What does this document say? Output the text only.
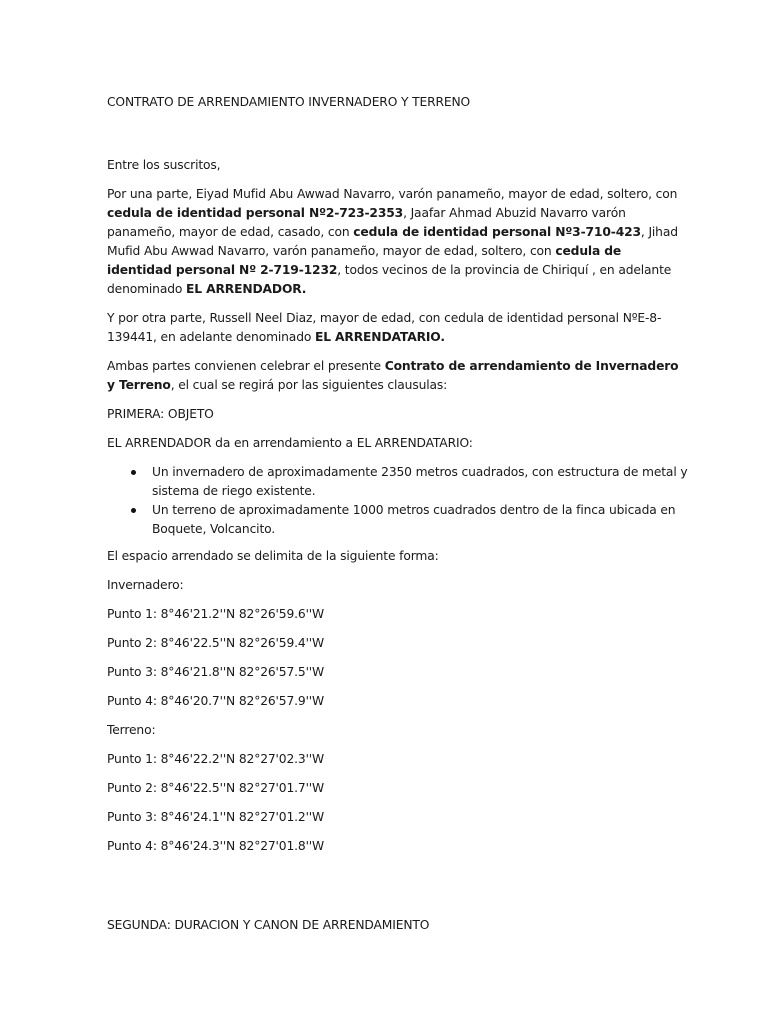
CONTRATO DE ARRENDAMIENTO INVERNADERO Y TERRENO

Entre los suscritos,

Por una parte, Eiyad Mufid Abu Awwad Navarro, varón panameño, mayor de edad, soltero, con cedula de identidad personal Nº2-723-2353, Jaafar Ahmad Abuzid Navarro varón panameño, mayor de edad, casado, con cedula de identidad personal Nº3-710-423, Jihad Mufid Abu Awwad Navarro, varón panameño, mayor de edad, soltero, con cedula de identidad personal Nº 2-719-1232, todos vecinos de la provincia de Chiriquí , en adelante denominado EL ARRENDADOR.

Y por otra parte, Russell Neel Diaz, mayor de edad, con cedula de identidad personal NºE-8-139441, en adelante denominado EL ARRENDATARIO.

Ambas partes convienen celebrar el presente Contrato de arrendamiento de Invernadero y Terreno, el cual se regirá por las siguientes clausulas:

PRIMERA: OBJETO

EL ARRENDADOR da en arrendamiento a EL ARRENDATARIO:

Un invernadero de aproximadamente 2350 metros cuadrados, con estructura de metal y sistema de riego existente.
Un terreno de aproximadamente 1000 metros cuadrados dentro de la finca ubicada en Boquete, Volcancito.

El espacio arrendado se delimita de la siguiente forma:

Invernadero:

Punto 1: 8°46'21.2''N 82°26'59.6''W

Punto 2: 8°46'22.5''N 82°26'59.4''W

Punto 3: 8°46'21.8''N 82°26'57.5''W

Punto 4: 8°46'20.7''N 82°26'57.9''W

Terreno:

Punto 1: 8°46'22.2''N 82°27'02.3''W

Punto 2: 8°46'22.5''N 82°27'01.7''W

Punto 3: 8°46'24.1''N 82°27'01.2''W

Punto 4: 8°46'24.3''N 82°27'01.8''W

SEGUNDA: DURACION Y CANON DE ARRENDAMIENTO
